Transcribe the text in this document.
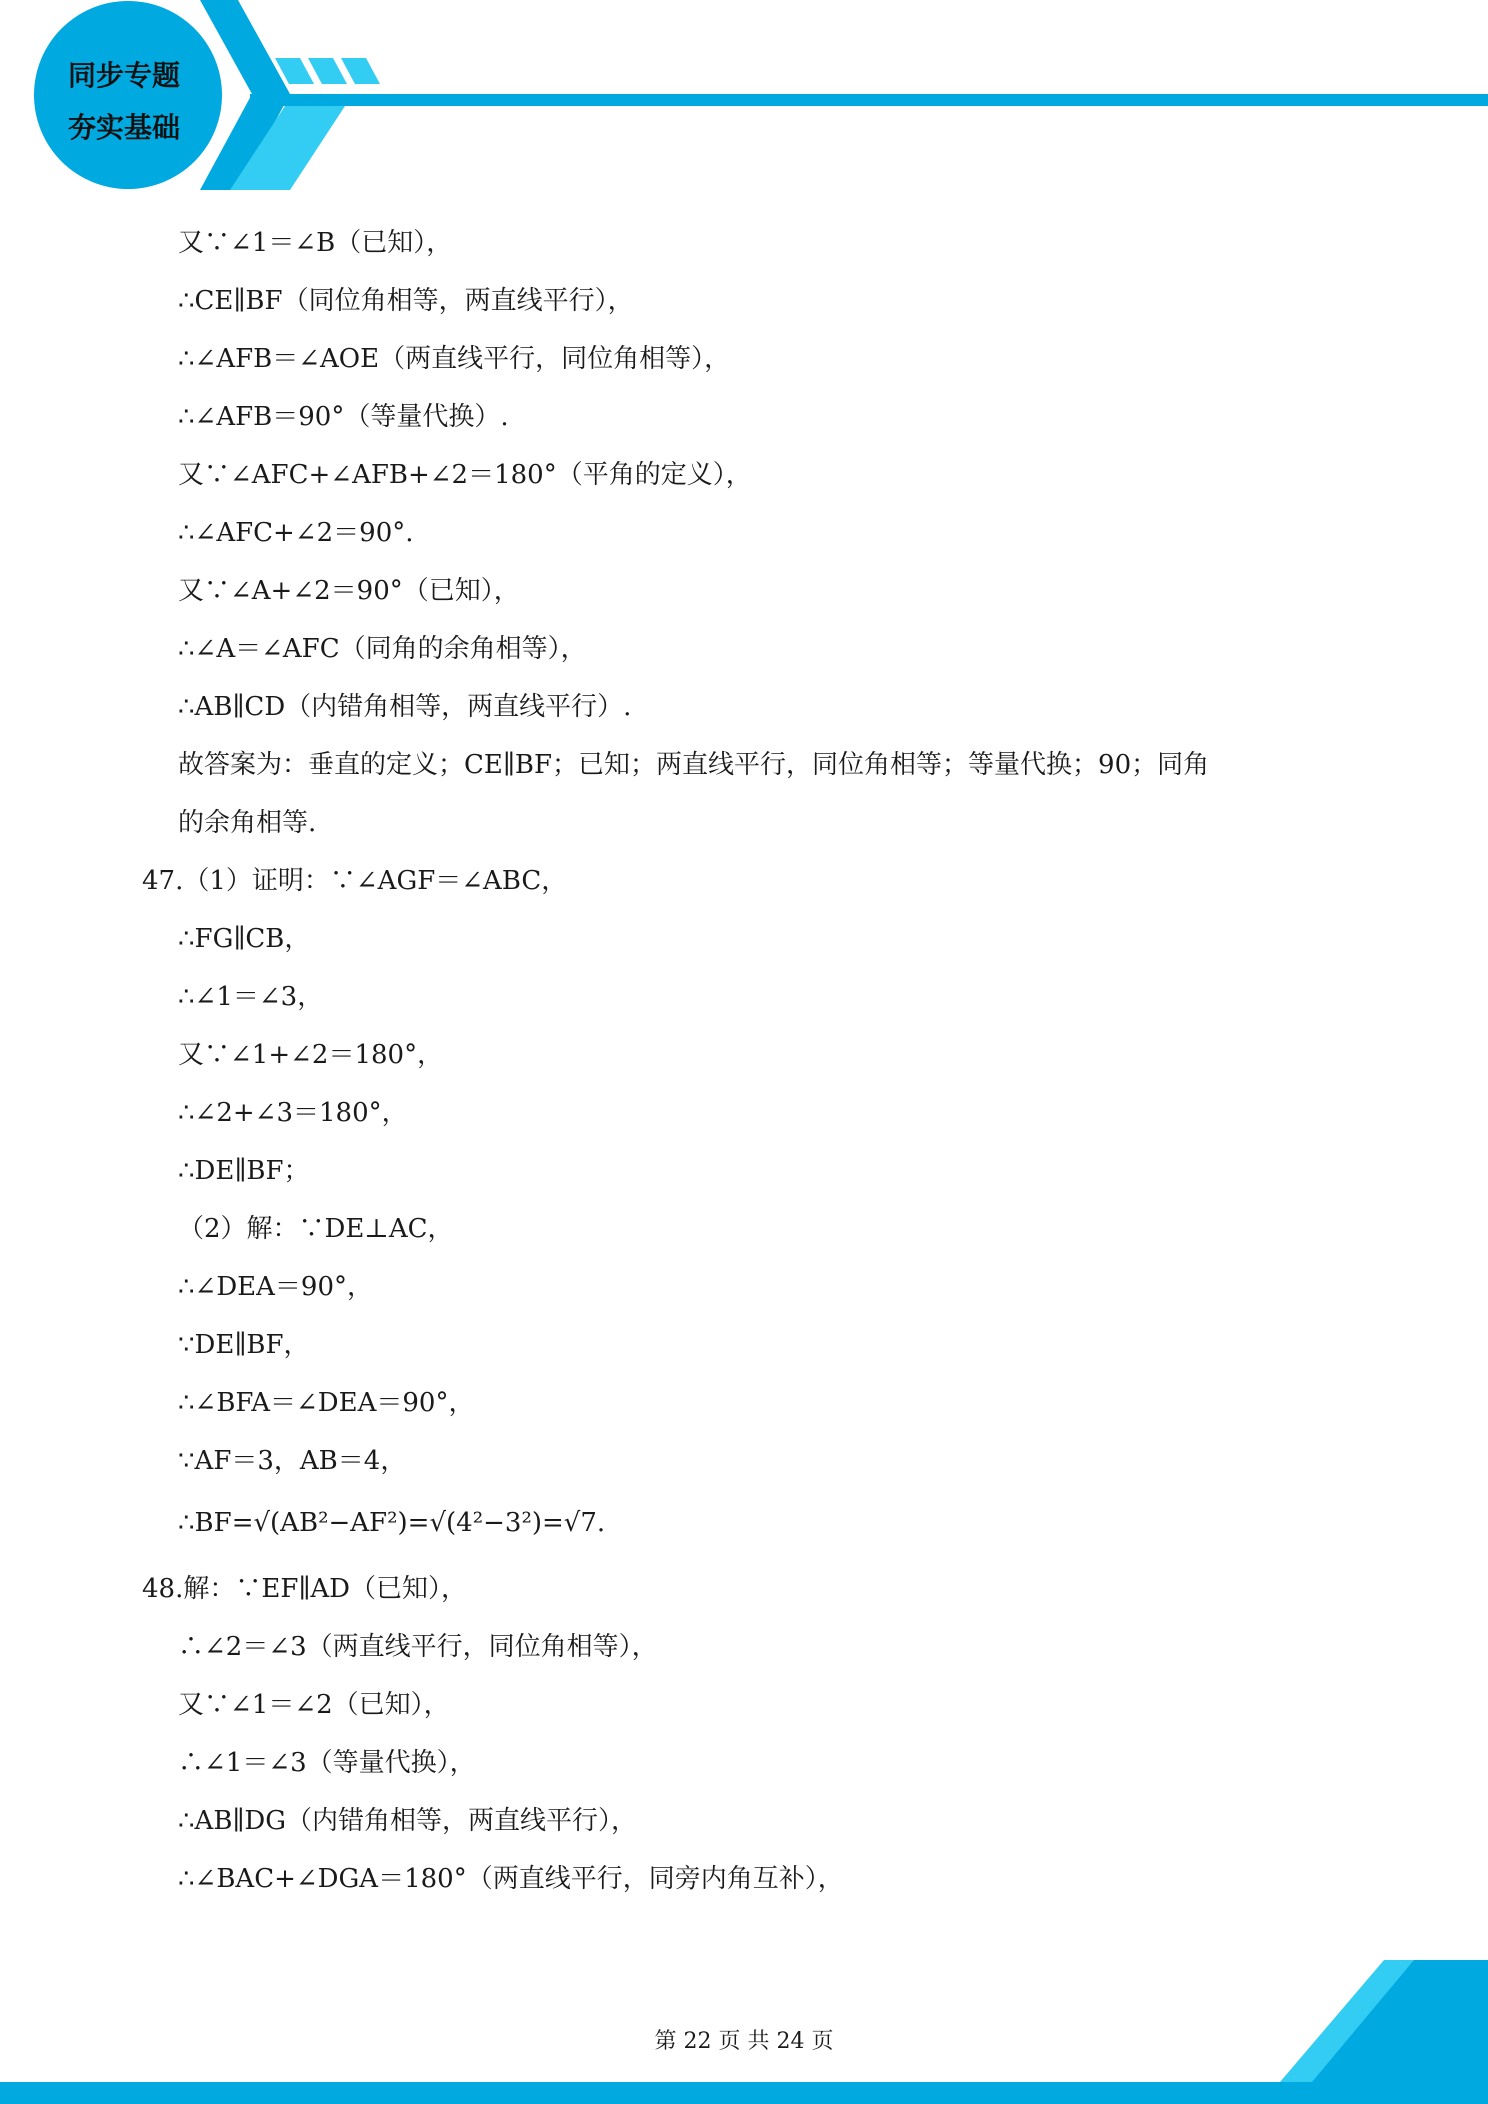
同步专题
夯实基础
又∵∠1＝∠B（已知），
∴CE∥BF（同位角相等，两直线平行），
∴∠AFB＝∠AOE（两直线平行，同位角相等），
∴∠AFB＝90°（等量代换）.
又∵∠AFC+∠AFB+∠2＝180°（平角的定义），
∴∠AFC+∠2＝90°.
又∵∠A+∠2＝90°（已知），
∴∠A＝∠AFC（同角的余角相等），
∴AB∥CD（内错角相等，两直线平行）.
故答案为：垂直的定义；CE∥BF；已知；两直线平行，同位角相等；等量代换；90；同角
的余角相等.
47.（1）证明：∵∠AGF＝∠ABC，
∴FG∥CB，
∴∠1＝∠3，
又∵∠1+∠2＝180°，
∴∠2+∠3＝180°，
∴DE∥BF；
（2）解：∵DE⊥AC，
∴∠DEA＝90°，
∵DE∥BF，
∴∠BFA＝∠DEA＝90°，
∵AF＝3，AB＝4，
∴BF=√(AB²−AF²)=√(4²−3²)=√7.
48.解：∵EF∥AD（已知），
∴∠2＝∠3（两直线平行，同位角相等），
又∵∠1＝∠2（已知），
∴∠1＝∠3（等量代换），
∴AB∥DG（内错角相等，两直线平行），
∴∠BAC+∠DGA＝180°（两直线平行，同旁内角互补），
第 22 页 共 24 页
